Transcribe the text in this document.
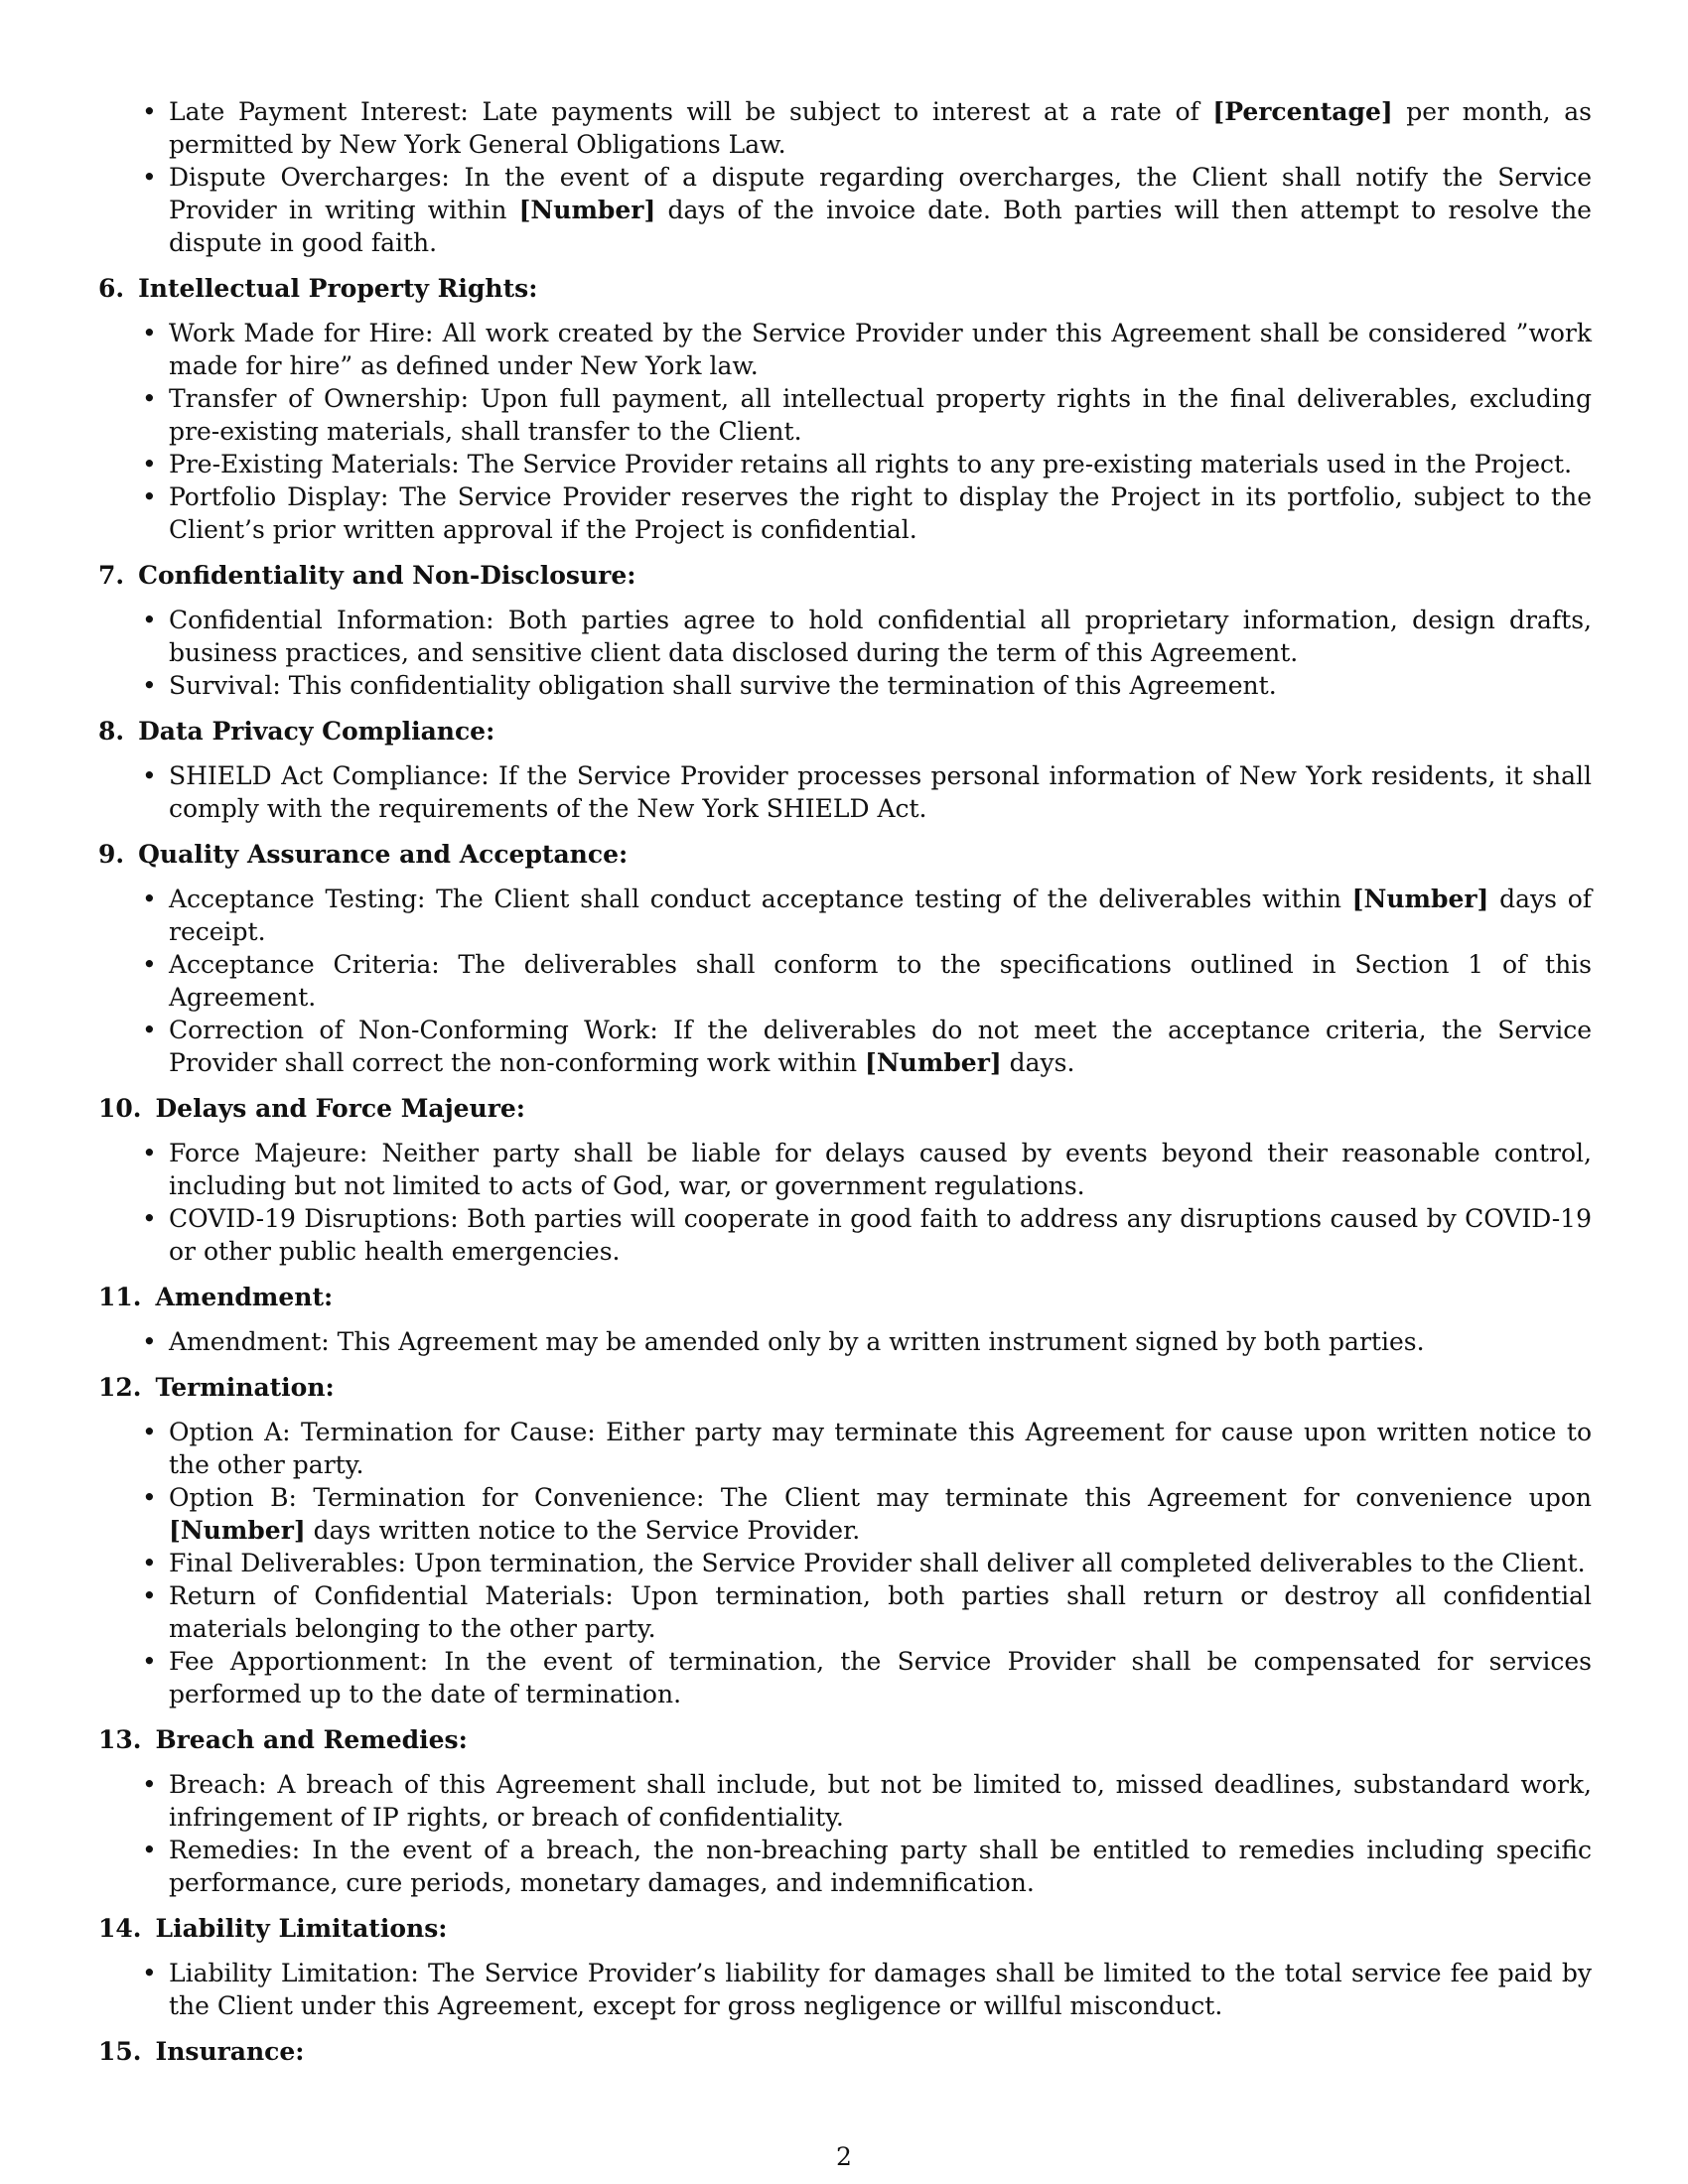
• Late Payment Interest: Late payments will be subject to interest at a rate of [Percentage] per month, as permitted by New York General Obligations Law.
• Dispute Overcharges: In the event of a dispute regarding overcharges, the Client shall notify the Service Provider in writing within [Number] days of the invoice date. Both parties will then attempt to resolve the dispute in good faith.
6. Intellectual Property Rights:
• Work Made for Hire: All work created by the Service Provider under this Agreement shall be considered ”work made for hire” as defined under New York law.
• Transfer of Ownership: Upon full payment, all intellectual property rights in the final deliverables, excluding pre-existing materials, shall transfer to the Client.
• Pre-Existing Materials: The Service Provider retains all rights to any pre-existing materials used in the Project.
• Portfolio Display: The Service Provider reserves the right to display the Project in its portfolio, subject to the Client’s prior written approval if the Project is confidential.
7. Confidentiality and Non-Disclosure:
• Confidential Information: Both parties agree to hold confidential all proprietary information, design drafts, business practices, and sensitive client data disclosed during the term of this Agreement.
• Survival: This confidentiality obligation shall survive the termination of this Agreement.
8. Data Privacy Compliance:
• SHIELD Act Compliance: If the Service Provider processes personal information of New York residents, it shall comply with the requirements of the New York SHIELD Act.
9. Quality Assurance and Acceptance:
• Acceptance Testing: The Client shall conduct acceptance testing of the deliverables within [Number] days of receipt.
• Acceptance Criteria: The deliverables shall conform to the specifications outlined in Section 1 of this Agreement.
• Correction of Non-Conforming Work: If the deliverables do not meet the acceptance criteria, the Service Provider shall correct the non-conforming work within [Number] days.
10. Delays and Force Majeure:
• Force Majeure: Neither party shall be liable for delays caused by events beyond their reasonable control, including but not limited to acts of God, war, or government regulations.
• COVID-19 Disruptions: Both parties will cooperate in good faith to address any disruptions caused by COVID-19 or other public health emergencies.
11. Amendment:
• Amendment: This Agreement may be amended only by a written instrument signed by both parties.
12. Termination:
• Option A: Termination for Cause: Either party may terminate this Agreement for cause upon written notice to the other party.
• Option B: Termination for Convenience: The Client may terminate this Agreement for convenience upon [Number] days written notice to the Service Provider.
• Final Deliverables: Upon termination, the Service Provider shall deliver all completed deliverables to the Client.
• Return of Confidential Materials: Upon termination, both parties shall return or destroy all confidential materials belonging to the other party.
• Fee Apportionment: In the event of termination, the Service Provider shall be compensated for services performed up to the date of termination.
13. Breach and Remedies:
• Breach: A breach of this Agreement shall include, but not be limited to, missed deadlines, substandard work, infringement of IP rights, or breach of confidentiality.
• Remedies: In the event of a breach, the non-breaching party shall be entitled to remedies including specific performance, cure periods, monetary damages, and indemnification.
14. Liability Limitations:
• Liability Limitation: The Service Provider’s liability for damages shall be limited to the total service fee paid by the Client under this Agreement, except for gross negligence or willful misconduct.
15. Insurance:
2
